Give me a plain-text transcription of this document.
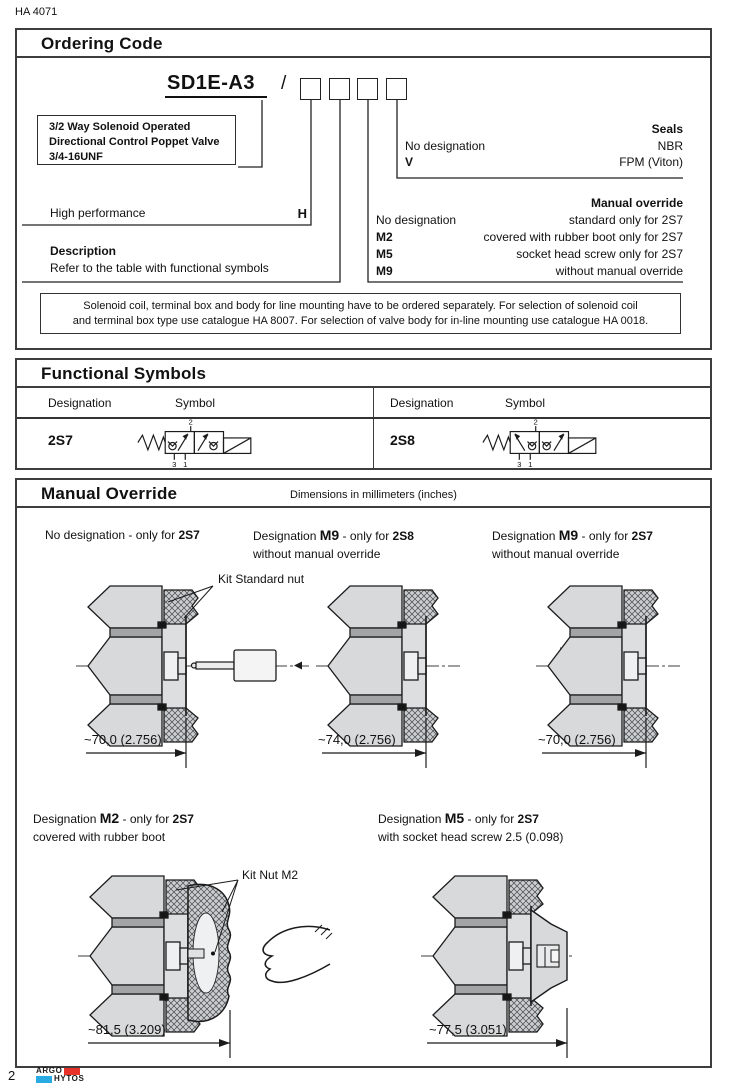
HA 4071
Ordering Code
SD1E-A3 /
3/2 Way Solenoid Operated
Directional Control Poppet Valve
3/4-16UNF
High performance	H
Description
Refer to the table with functional symbols
Seals
No designation	NBR
V	FPM (Viton)
Manual override
No designation	standard only for 2S7
M2	covered with rubber boot only for 2S7
M5	socket head screw only for 2S7
M9	without manual override
Solenoid coil, terminal box and body for line mounting have to be ordered separately. For selection of solenoid coil
and terminal box type use catalogue HA 8007. For selection of valve body for in-line mounting use catalogue HA 0018.
Functional Symbols
Designation	Symbol	Designation	Symbol
2S7	2S8
2
3 1
2
3 1
Manual Override	Dimensions in millimeters (inches)
No designation - only for 2S7	Designation M9 - only for 2S8
without manual override
Designation M9 - only for 2S7
without manual override
Kit Standard nut
~70,0 (2.756)	~74,0 (2.756)	~70,0 (2.756)
Designation M2 - only for 2S7
covered with rubber boot
Designation M5 - only for 2S7
with socket head screw 2.5 (0.098)
Kit Nut M2
~81,5 (3.209)	~77,5 (3.051)
2	ARGO
HYTOS
